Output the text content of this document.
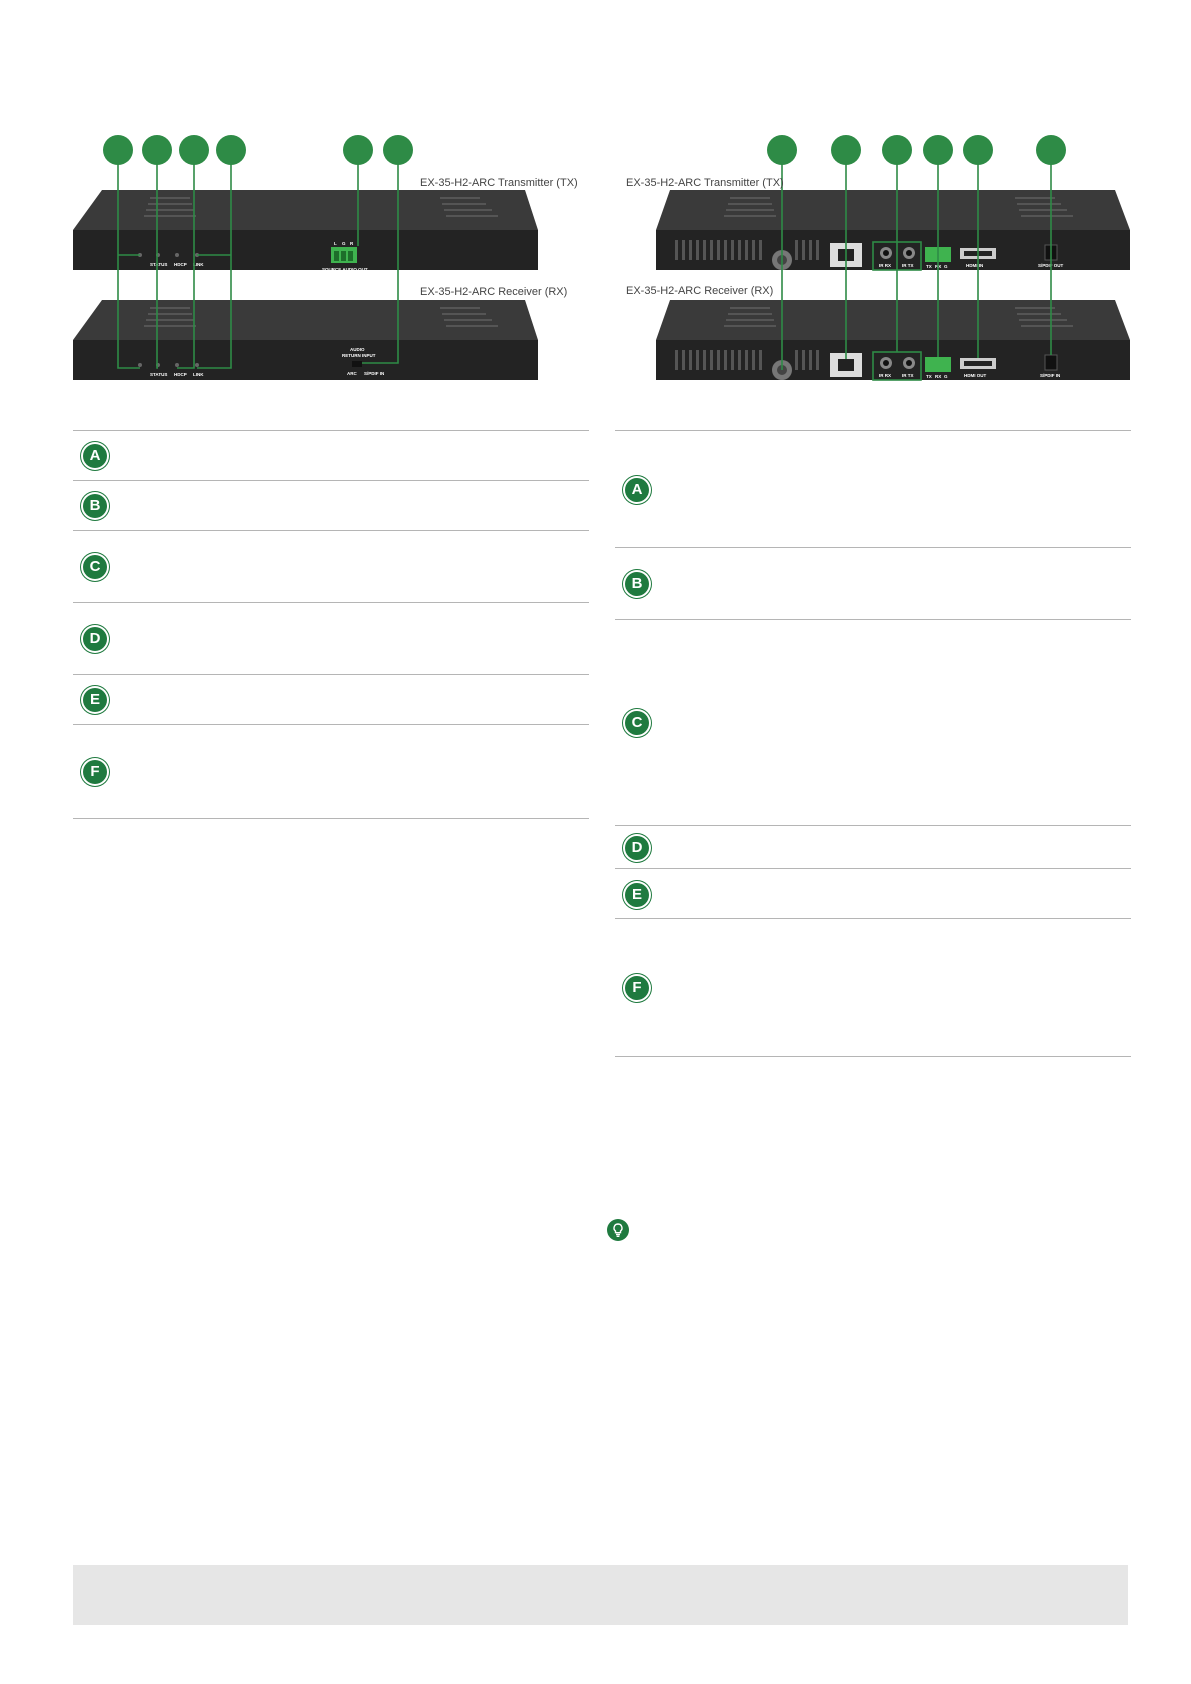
STATUS HDCP LINK
L G R
SOURCE AUDIO OUT
STATUS HDCP LINK
AUDIO
RETURN INPUT
ARC S/PDIF IN
EX-35-H2-ARC Transmitter (TX)
EX-35-H2-ARC Receiver (RX)
IR RX IR TX	TX RX G	HDMI IN	S/PDIF OUT
IR RX IR TX	TX RX G	HDMI OUT	S/PDIF IN
EX-35-H2-ARC Transmitter (TX)
EX-35-H2-ARC Receiver (RX)
A
B
C
D
E
F
A
B
C
D
E
F
